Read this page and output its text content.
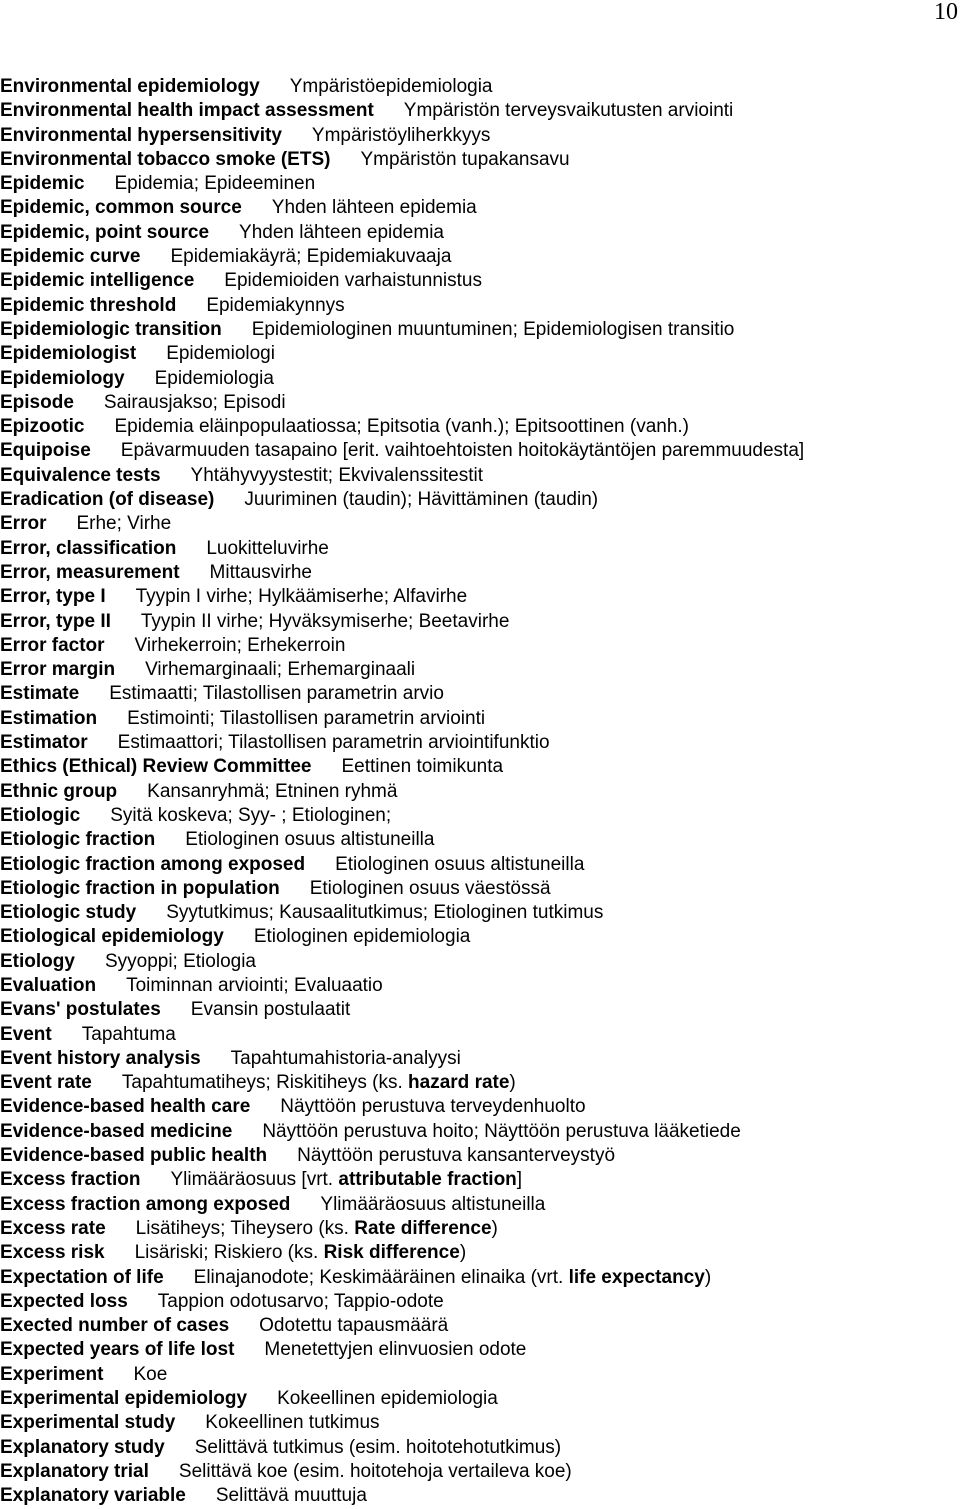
10
Environmental epidemiology Ympäristöepidemiologia
Environmental health impact assessment Ympäristön terveysvaikutusten arviointi
Environmental hypersensitivity Ympäristöyliherkkyys
Environmental tobacco smoke (ETS) Ympäristön tupakansavu
Epidemic Epidemia; Epideeminen
Epidemic, common source Yhden lähteen epidemia
Epidemic, point source Yhden lähteen epidemia
Epidemic curve Epidemiakäyrä; Epidemiakuvaaja
Epidemic intelligence Epidemioiden varhaistunnistus
Epidemic threshold Epidemiakynnys
Epidemiologic transition Epidemiologinen muuntuminen; Epidemiologisen transitio
Epidemiologist Epidemiologi
Epidemiology Epidemiologia
Episode Sairausjakso; Episodi
Epizootic Epidemia eläinpopulaatiossa; Epitsotia (vanh.); Epitsoottinen (vanh.)
Equipoise Epävarmuuden tasapaino [erit. vaihtoehtoisten hoitokäytäntöjen paremmuudesta]
Equivalence tests Yhtähyvyystestit; Ekvivalenssitestit
Eradication (of disease) Juuriminen (taudin); Hävittäminen (taudin)
Error Erhe; Virhe
Error, classification Luokitteluvirhe
Error, measurement Mittausvirhe
Error, type I Tyypin I virhe; Hylkäämiserhe; Alfavirhe
Error, type II Tyypin II virhe; Hyväksymiserhe; Beetavirhe
Error factor Virhekerroin; Erhekerroin
Error margin Virhemarginaali; Erhemarginaali
Estimate Estimaatti; Tilastollisen parametrin arvio
Estimation Estimointi; Tilastollisen parametrin arviointi
Estimator Estimaattori; Tilastollisen parametrin arviointifunktio
Ethics (Ethical) Review Committee Eettinen toimikunta
Ethnic group Kansanryhmä; Etninen ryhmä
Etiologic Syitä koskeva; Syy- ; Etiologinen;
Etiologic fraction Etiologinen osuus altistuneilla
Etiologic fraction among exposed Etiologinen osuus altistuneilla
Etiologic fraction in population Etiologinen osuus väestössä
Etiologic study Syytutkimus; Kausaalitutkimus; Etiologinen tutkimus
Etiological epidemiology Etiologinen epidemiologia
Etiology Syyoppi; Etiologia
Evaluation Toiminnan arviointi; Evaluaatio
Evans' postulates Evansin postulaatit
Event Tapahtuma
Event history analysis Tapahtumahistoria-analyysi
Event rate Tapahtumatiheys; Riskitiheys (ks. hazard rate)
Evidence-based health care Näyttöön perustuva terveydenhuolto
Evidence-based medicine Näyttöön perustuva hoito; Näyttöön perustuva lääketiede
Evidence-based public health Näyttöön perustuva kansanterveystyö
Excess fraction Ylimääräosuus [vrt. attributable fraction]
Excess fraction among exposed Ylimääräosuus altistuneilla
Excess rate Lisätiheys; Tiheysero (ks. Rate difference)
Excess risk Lisäriski; Riskiero (ks. Risk difference)
Expectation of life Elinajanodote; Keskimääräinen elinaika (vrt. life expectancy)
Expected loss Tappion odotusarvo; Tappio-odote
Exected number of cases Odotettu tapausmäärä
Expected years of life lost Menetettyjen elinvuosien odote
Experiment Koe
Experimental epidemiology Kokeellinen epidemiologia
Experimental study Kokeellinen tutkimus
Explanatory study Selittävä tutkimus (esim. hoitotehotutkimus)
Explanatory trial Selittävä koe (esim. hoitotehoja vertaileva koe)
Explanatory variable Selittävä muuttuja
